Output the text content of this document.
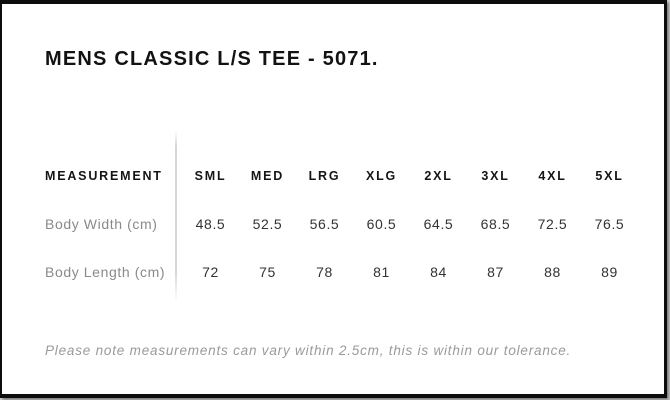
MENS CLASSIC L/S TEE - 5071.
MEASUREMENT	SML	MED	LRG	XLG	2XL	3XL	4XL	5XL
Body Width (cm)	48.5	52.5	56.5	60.5	64.5	68.5	72.5	76.5
Body Length (cm)	72	75	78	81	84	87	88	89

Please note measurements can vary within 2.5cm, this is within our tolerance.
